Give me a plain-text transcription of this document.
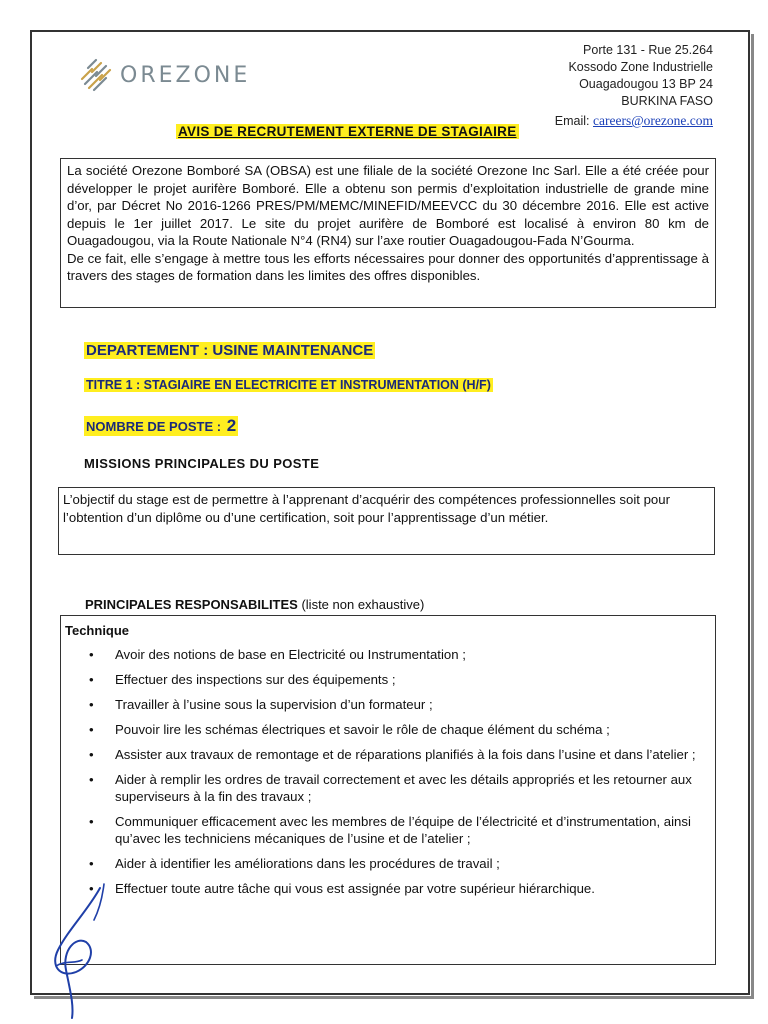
OREZONE
Porte 131 - Rue 25.264
Kossodo Zone Industrielle
Ouagadougou 13 BP 24
BURKINA FASO
Email: careers@orezone.com
AVIS DE RECRUTEMENT EXTERNE DE STAGIAIRE

La société Orezone Bomboré SA (OBSA) est une filiale de la société Orezone Inc Sarl. Elle a été créée pour développer le projet aurifère Bomboré. Elle a obtenu son permis d’exploitation industrielle de grande mine d’or, par Décret No 2016-1266 PRES/PM/MEMC/MINEFID/MEEVCC du 30 décembre 2016. Elle est active depuis le 1er juillet 2017. Le site du projet aurifère de Bomboré est localisé à environ 80 km de Ouagadougou, via la Route Nationale N°4 (RN4) sur l’axe routier Ouagadougou-Fada N’Gourma.

De ce fait, elle s’engage à mettre tous les efforts nécessaires pour donner des opportunités d’apprentissage à travers des stages de formation dans les limites des offres disponibles.

DEPARTEMENT : USINE MAINTENANCE
TITRE 1 : STAGIAIRE EN ELECTRICITE ET INSTRUMENTATION (H/F)
NOMBRE DE POSTE : 2
MISSIONS PRINCIPALES DU POSTE
L’objectif du stage est de permettre à l’apprenant d’acquérir des compétences professionnelles soit pour l’obtention d’un diplôme ou d’une certification, soit pour l’apprentissage d’un métier.
PRINCIPALES RESPONSABILITES (liste non exhaustive)
Technique
• Avoir des notions de base en Electricité ou Instrumentation ;
• Effectuer des inspections sur des équipements ;
• Travailler à l’usine sous la supervision d’un formateur ;
• Pouvoir lire les schémas électriques et savoir le rôle de chaque élément du schéma ;
• Assister aux travaux de remontage et de réparations planifiés à la fois dans l’usine et dans l’atelier ;
• Aider à remplir les ordres de travail correctement et avec les détails appropriés et les retourner aux superviseurs à la fin des travaux ;
• Communiquer efficacement avec les membres de l’équipe de l’électricité et d’instrumentation, ainsi qu’avec les techniciens mécaniques de l’usine et de l’atelier ;
• Aider à identifier les améliorations dans les procédures de travail ;
• Effectuer toute autre tâche qui vous est assignée par votre supérieur hiérarchique.
